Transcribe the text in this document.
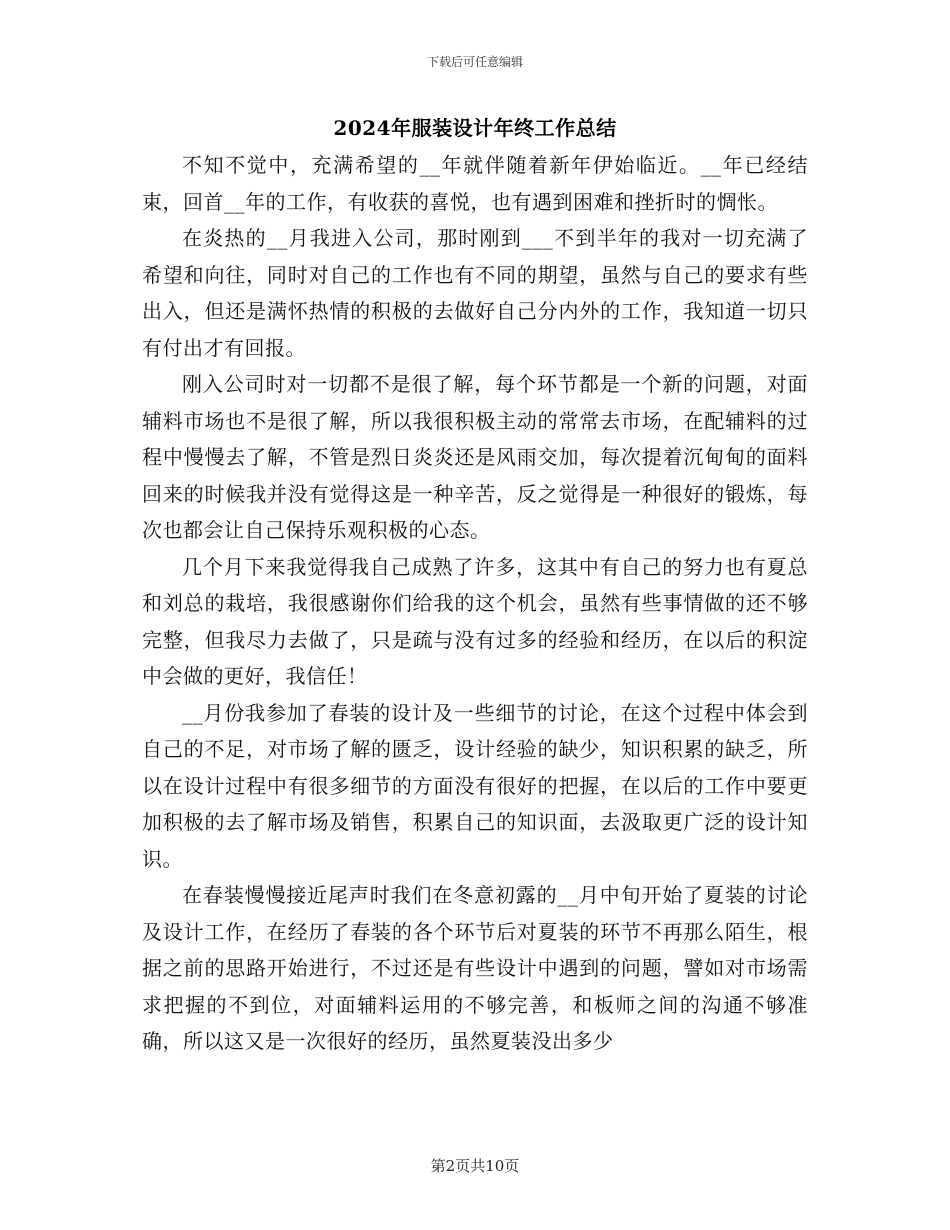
下载后可任意编辑
2024年服装设计年终工作总结

不知不觉中，充满希望的__年就伴随着新年伊始临近。__年已经结束，回首__年的工作，有收获的喜悦，也有遇到困难和挫折时的惆怅。

在炎热的__月我进入公司，那时刚到___不到半年的我对一切充满了希望和向往，同时对自己的工作也有不同的期望，虽然与自己的要求有些出入，但还是满怀热情的积极的去做好自己分内外的工作，我知道一切只有付出才有回报。

刚入公司时对一切都不是很了解，每个环节都是一个新的问题，对面辅料市场也不是很了解，所以我很积极主动的常常去市场，在配辅料的过程中慢慢去了解，不管是烈日炎炎还是风雨交加，每次提着沉甸甸的面料回来的时候我并没有觉得这是一种辛苦，反之觉得是一种很好的锻炼，每次也都会让自己保持乐观积极的心态。

几个月下来我觉得我自己成熟了许多，这其中有自己的努力也有夏总和刘总的栽培，我很感谢你们给我的这个机会，虽然有些事情做的还不够完整，但我尽力去做了，只是疏与没有过多的经验和经历，在以后的积淀中会做的更好，我信任！

__月份我参加了春装的设计及一些细节的讨论，在这个过程中体会到自己的不足，对市场了解的匮乏，设计经验的缺少，知识积累的缺乏，所以在设计过程中有很多细节的方面没有很好的把握，在以后的工作中要更加积极的去了解市场及销售，积累自己的知识面，去汲取更广泛的设计知识。

在春装慢慢接近尾声时我们在冬意初露的__月中旬开始了夏装的讨论及设计工作，在经历了春装的各个环节后对夏装的环节不再那么陌生，根据之前的思路开始进行，不过还是有些设计中遇到的问题，譬如对市场需求把握的不到位，对面辅料运用的不够完善，和板师之间的沟通不够准确，所以这又是一次很好的经历，虽然夏装没出多少

第2页共10页
